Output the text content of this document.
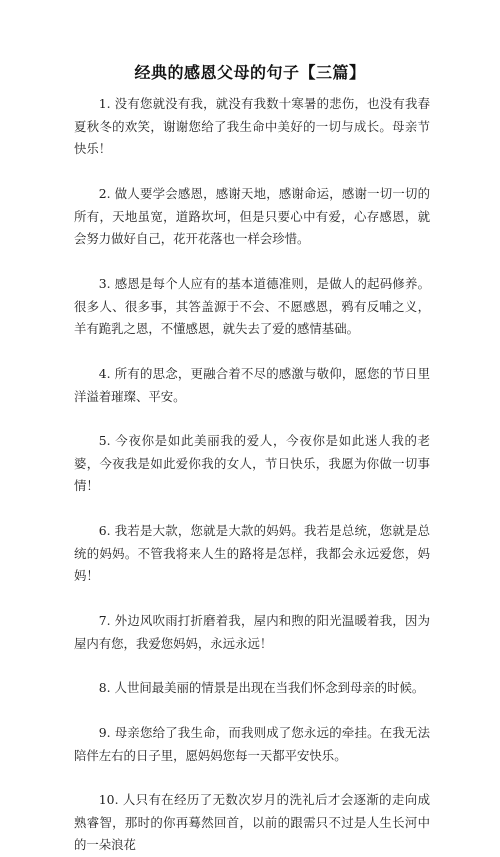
经典的感恩父母的句子【三篇】

1. 没有您就没有我，就没有我数十寒暑的悲伤，也没有我春夏秋冬的欢笑，谢谢您给了我生命中美好的一切与成长。母亲节快乐！

2. 做人要学会感恩，感谢天地，感谢命运，感谢一切一切的所有，天地虽宽，道路坎坷，但是只要心中有爱，心存感恩，就会努力做好自己，花开花落也一样会珍惜。

3. 感恩是每个人应有的基本道德准则，是做人的起码修养。很多人、很多事，其答盖源于不会、不愿感恩，鸦有反哺之义，羊有跪乳之恩，不懂感恩，就失去了爱的感情基础。

4. 所有的思念，更融合着不尽的感激与敬仰，愿您的节日里洋溢着璀璨、平安。

5. 今夜你是如此美丽我的爱人，今夜你是如此迷人我的老婆，今夜我是如此爱你我的女人，节日快乐，我愿为你做一切事情！

6. 我若是大款，您就是大款的妈妈。我若是总统，您就是总统的妈妈。不管我将来人生的路将是怎样，我都会永远爱您，妈妈！

7. 外边风吹雨打折磨着我，屋内和煦的阳光温暖着我，因为屋内有您，我爱您妈妈，永远永远！

8. 人世间最美丽的情景是出现在当我们怀念到母亲的时候。

9. 母亲您给了我生命，而我则成了您永远的牵挂。在我无法陪伴左右的日子里，愿妈妈您每一天都平安快乐。

10. 人只有在经历了无数次岁月的洗礼后才会逐渐的走向成熟睿智，那时的你再蓦然回首，以前的跟需只不过是人生长河中的一朵浪花
